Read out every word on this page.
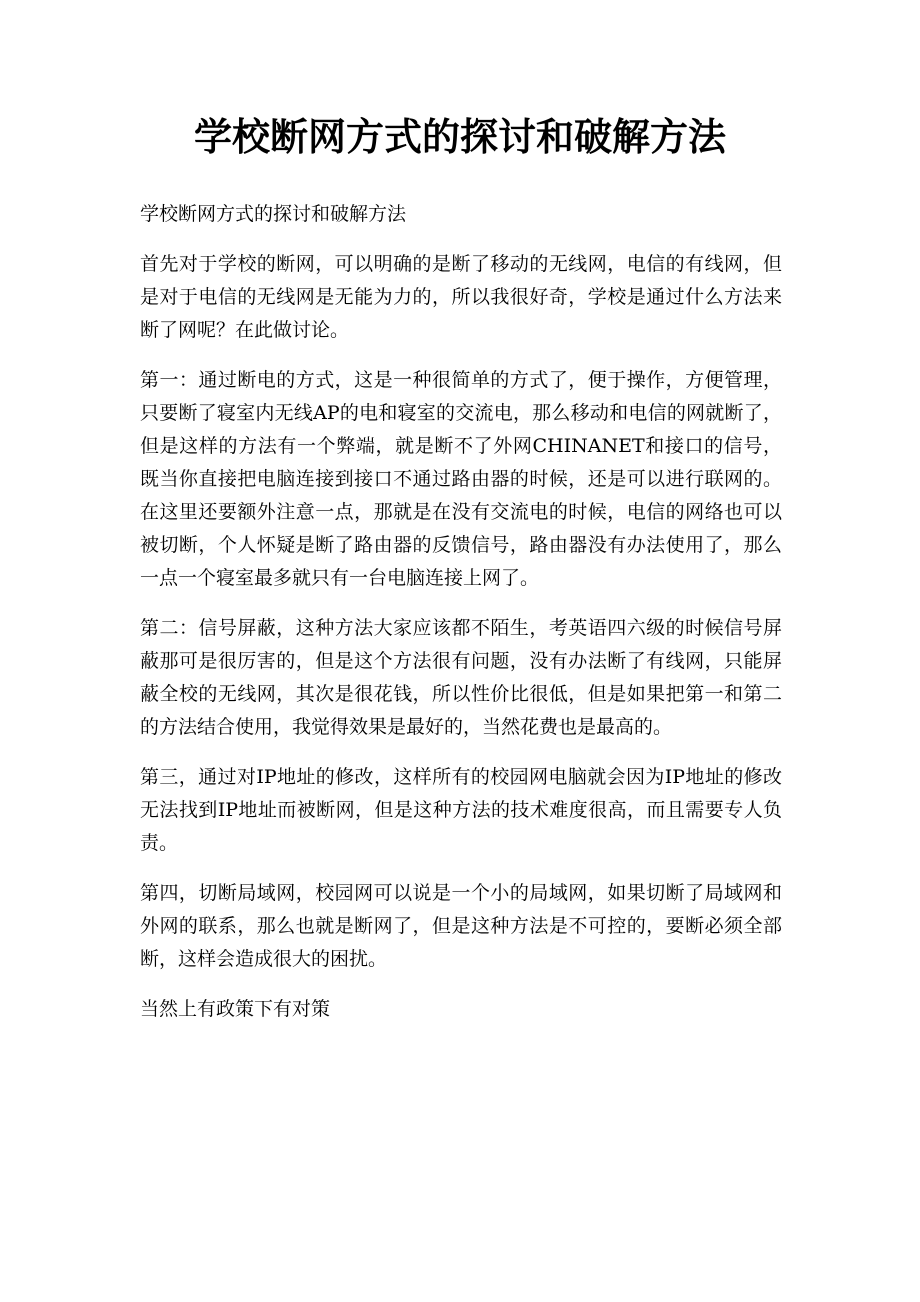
学校断网方式的探讨和破解方法

学校断网方式的探讨和破解方法

首先对于学校的断网，可以明确的是断了移动的无线网，电信的有线网，但是对于电信的无线网是无能为力的，所以我很好奇，学校是通过什么方法来断了网呢？在此做讨论。

第一：通过断电的方式，这是一种很简单的方式了，便于操作，方便管理，只要断了寝室内无线AP的电和寝室的交流电，那么移动和电信的网就断了，但是这样的方法有一个弊端，就是断不了外网CHINANET和接口的信号，既当你直接把电脑连接到接口不通过路由器的时候，还是可以进行联网的。在这里还要额外注意一点，那就是在没有交流电的时候，电信的网络也可以被切断，个人怀疑是断了路由器的反馈信号，路由器没有办法使用了，那么一点一个寝室最多就只有一台电脑连接上网了。

第二：信号屏蔽，这种方法大家应该都不陌生，考英语四六级的时候信号屏蔽那可是很厉害的，但是这个方法很有问题，没有办法断了有线网，只能屏蔽全校的无线网，其次是很花钱，所以性价比很低，但是如果把第一和第二的方法结合使用，我觉得效果是最好的，当然花费也是最高的。

第三，通过对IP地址的修改，这样所有的校园网电脑就会因为IP地址的修改无法找到IP地址而被断网，但是这种方法的技术难度很高，而且需要专人负责。

第四，切断局域网，校园网可以说是一个小的局域网，如果切断了局域网和外网的联系，那么也就是断网了，但是这种方法是不可控的，要断必须全部断，这样会造成很大的困扰。

当然上有政策下有对策
